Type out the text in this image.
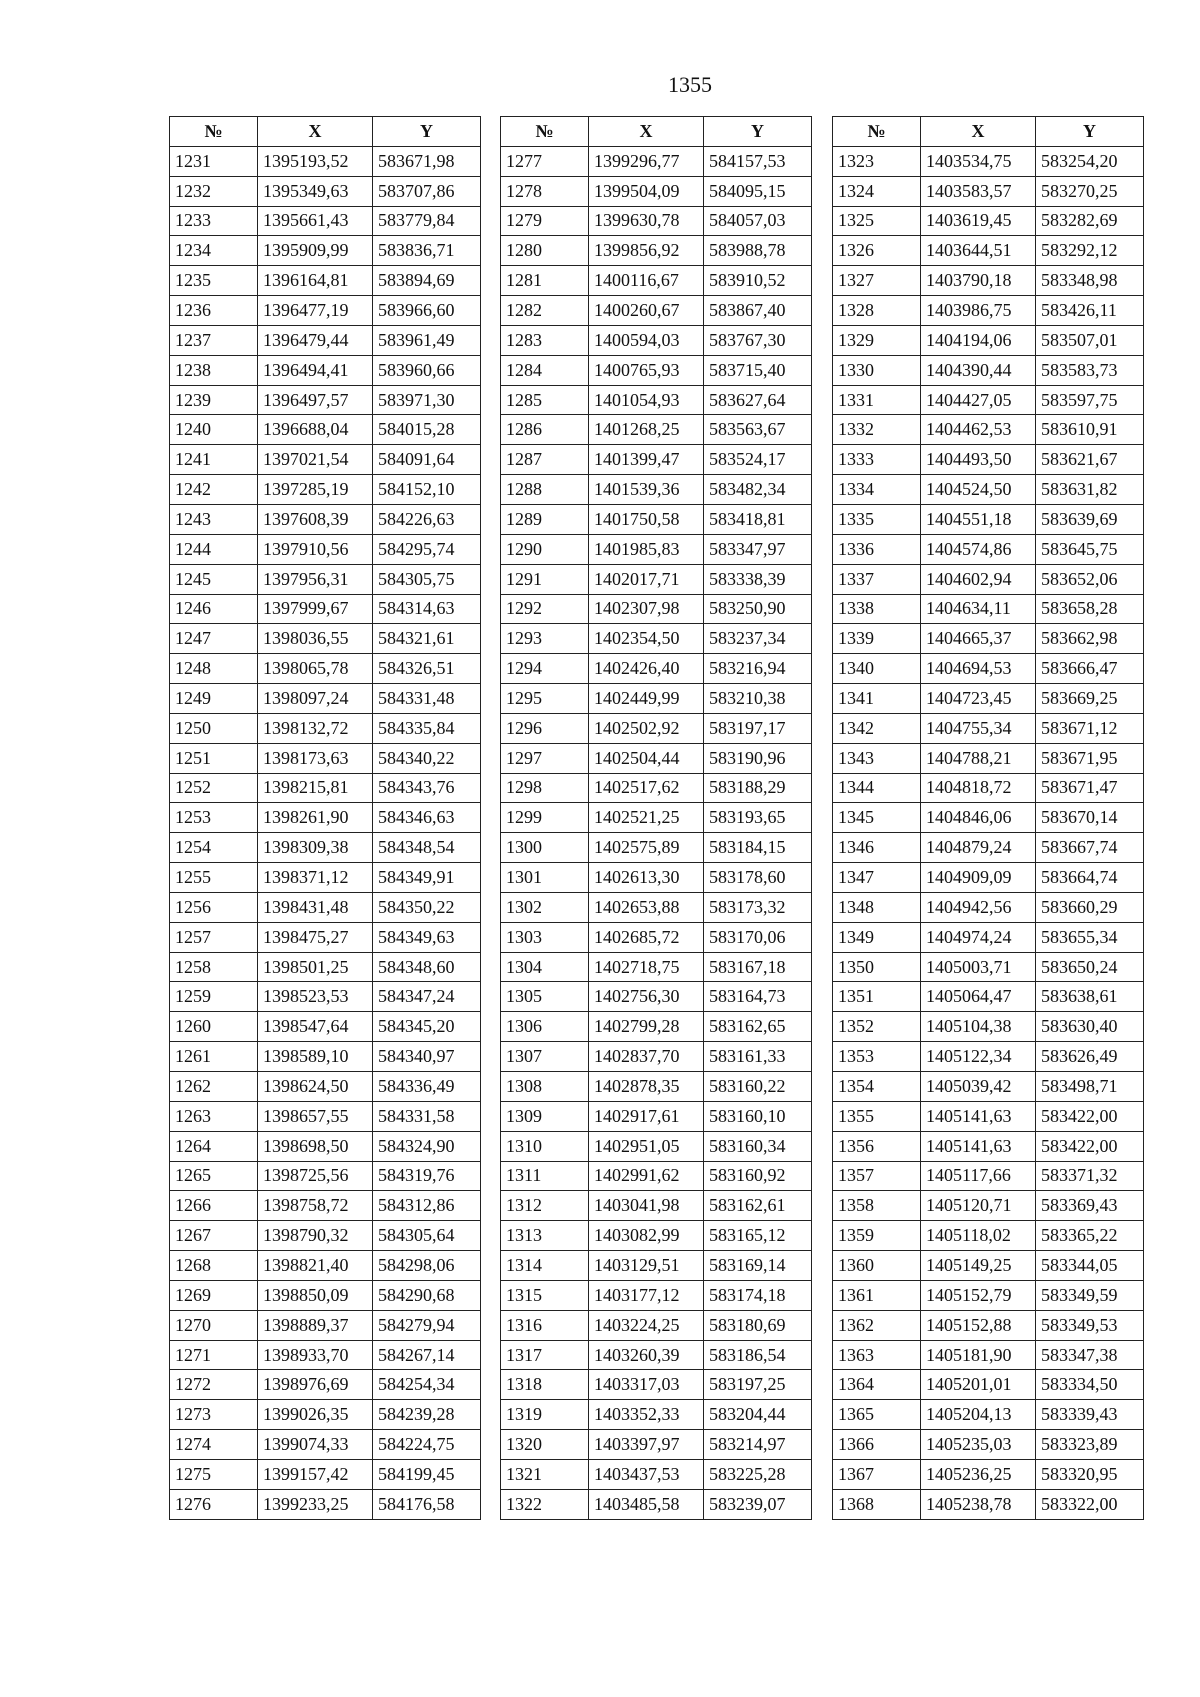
1355
№	X	Y
1231	1395193,52	583671,98
1232	1395349,63	583707,86
1233	1395661,43	583779,84
1234	1395909,99	583836,71
1235	1396164,81	583894,69
1236	1396477,19	583966,60
1237	1396479,44	583961,49
1238	1396494,41	583960,66
1239	1396497,57	583971,30
1240	1396688,04	584015,28
1241	1397021,54	584091,64
1242	1397285,19	584152,10
1243	1397608,39	584226,63
1244	1397910,56	584295,74
1245	1397956,31	584305,75
1246	1397999,67	584314,63
1247	1398036,55	584321,61
1248	1398065,78	584326,51
1249	1398097,24	584331,48
1250	1398132,72	584335,84
1251	1398173,63	584340,22
1252	1398215,81	584343,76
1253	1398261,90	584346,63
1254	1398309,38	584348,54
1255	1398371,12	584349,91
1256	1398431,48	584350,22
1257	1398475,27	584349,63
1258	1398501,25	584348,60
1259	1398523,53	584347,24
1260	1398547,64	584345,20
1261	1398589,10	584340,97
1262	1398624,50	584336,49
1263	1398657,55	584331,58
1264	1398698,50	584324,90
1265	1398725,56	584319,76
1266	1398758,72	584312,86
1267	1398790,32	584305,64
1268	1398821,40	584298,06
1269	1398850,09	584290,68
1270	1398889,37	584279,94
1271	1398933,70	584267,14
1272	1398976,69	584254,34
1273	1399026,35	584239,28
1274	1399074,33	584224,75
1275	1399157,42	584199,45
1276	1399233,25	584176,58
№	X	Y
1277	1399296,77	584157,53
1278	1399504,09	584095,15
1279	1399630,78	584057,03
1280	1399856,92	583988,78
1281	1400116,67	583910,52
1282	1400260,67	583867,40
1283	1400594,03	583767,30
1284	1400765,93	583715,40
1285	1401054,93	583627,64
1286	1401268,25	583563,67
1287	1401399,47	583524,17
1288	1401539,36	583482,34
1289	1401750,58	583418,81
1290	1401985,83	583347,97
1291	1402017,71	583338,39
1292	1402307,98	583250,90
1293	1402354,50	583237,34
1294	1402426,40	583216,94
1295	1402449,99	583210,38
1296	1402502,92	583197,17
1297	1402504,44	583190,96
1298	1402517,62	583188,29
1299	1402521,25	583193,65
1300	1402575,89	583184,15
1301	1402613,30	583178,60
1302	1402653,88	583173,32
1303	1402685,72	583170,06
1304	1402718,75	583167,18
1305	1402756,30	583164,73
1306	1402799,28	583162,65
1307	1402837,70	583161,33
1308	1402878,35	583160,22
1309	1402917,61	583160,10
1310	1402951,05	583160,34
1311	1402991,62	583160,92
1312	1403041,98	583162,61
1313	1403082,99	583165,12
1314	1403129,51	583169,14
1315	1403177,12	583174,18
1316	1403224,25	583180,69
1317	1403260,39	583186,54
1318	1403317,03	583197,25
1319	1403352,33	583204,44
1320	1403397,97	583214,97
1321	1403437,53	583225,28
1322	1403485,58	583239,07
№	X	Y
1323	1403534,75	583254,20
1324	1403583,57	583270,25
1325	1403619,45	583282,69
1326	1403644,51	583292,12
1327	1403790,18	583348,98
1328	1403986,75	583426,11
1329	1404194,06	583507,01
1330	1404390,44	583583,73
1331	1404427,05	583597,75
1332	1404462,53	583610,91
1333	1404493,50	583621,67
1334	1404524,50	583631,82
1335	1404551,18	583639,69
1336	1404574,86	583645,75
1337	1404602,94	583652,06
1338	1404634,11	583658,28
1339	1404665,37	583662,98
1340	1404694,53	583666,47
1341	1404723,45	583669,25
1342	1404755,34	583671,12
1343	1404788,21	583671,95
1344	1404818,72	583671,47
1345	1404846,06	583670,14
1346	1404879,24	583667,74
1347	1404909,09	583664,74
1348	1404942,56	583660,29
1349	1404974,24	583655,34
1350	1405003,71	583650,24
1351	1405064,47	583638,61
1352	1405104,38	583630,40
1353	1405122,34	583626,49
1354	1405039,42	583498,71
1355	1405141,63	583422,00
1356	1405141,63	583422,00
1357	1405117,66	583371,32
1358	1405120,71	583369,43
1359	1405118,02	583365,22
1360	1405149,25	583344,05
1361	1405152,79	583349,59
1362	1405152,88	583349,53
1363	1405181,90	583347,38
1364	1405201,01	583334,50
1365	1405204,13	583339,43
1366	1405235,03	583323,89
1367	1405236,25	583320,95
1368	1405238,78	583322,00
